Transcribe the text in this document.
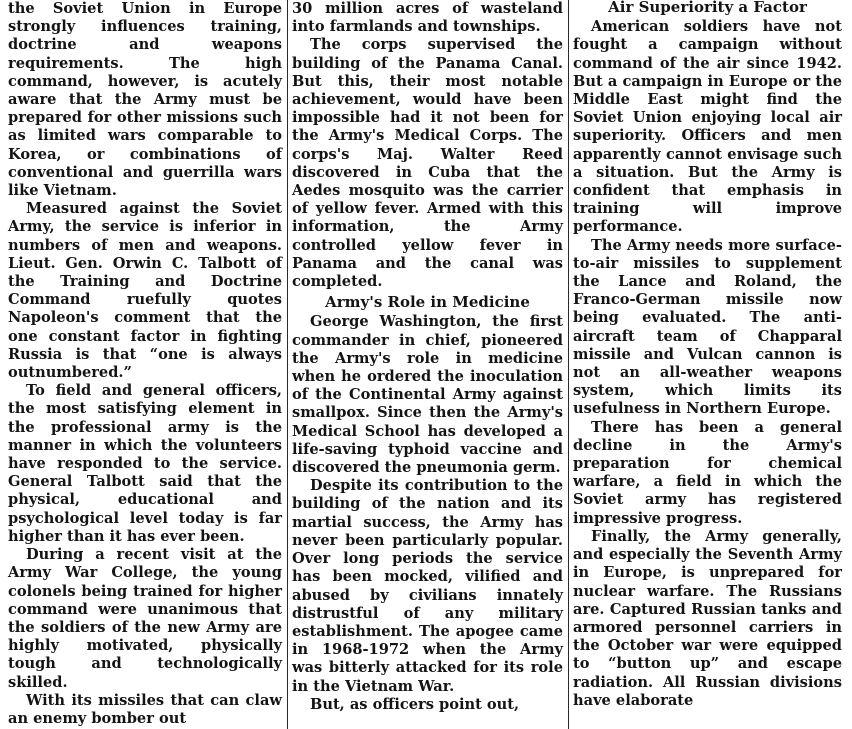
the Soviet Union in Europe strongly influences training, doctrine and weapons requirements. The high command, however, is acutely aware that the Army must be prepared for other missions such as limited wars comparable to Korea, or combinations of conventional and guerrilla wars like Vietnam.

Measured against the Soviet Army, the service is inferior in numbers of men and weapons. Lieut. Gen. Orwin C. Talbott of the Training and Doctrine Command ruefully quotes Napoleon's comment that the one constant factor in fighting Russia is that “one is always outnumbered.”

To field and general officers, the most satisfying element in the professional army is the manner in which the volunteers have responded to the service. General Talbott said that the physical, educational and psychological level today is far higher than it has ever been.

During a recent visit at the Army War College, the young colonels being trained for higher command were unanimous that the soldiers of the new Army are highly motivated, physically tough and technologically skilled.

With its missiles that can claw an enemy bomber out

30 million acres of wasteland into farmlands and townships.

The corps supervised the building of the Panama Canal. But this, their most notable achievement, would have been impossible had it not been for the Army's Medical Corps. The corps's Maj. Walter Reed discovered in Cuba that the Aedes mosquito was the carrier of yellow fever. Armed with this information, the Army controlled yellow fever in Panama and the canal was completed.

Army's Role in Medicine

George Washington, the first commander in chief, pioneered the Army's role in medicine when he ordered the inoculation of the Continental Army against smallpox. Since then the Army's Medical School has developed a life-saving typhoid vaccine and discovered the pneumonia germ.

Despite its contribution to the building of the nation and its martial success, the Army has never been particularly popular. Over long periods the service has been mocked, vilified and abused by civilians innately distrustful of any military establishment. The apogee came in 1968-1972 when the Army was bitterly attacked for its role in the Vietnam War.

But, as officers point out,

Air Superiority a Factor

American soldiers have not fought a campaign without command of the air since 1942. But a campaign in Europe or the Middle East might find the Soviet Union enjoying local air superiority. Officers and men apparently cannot envisage such a situation. But the Army is confident that emphasis in training will improve performance.

The Army needs more surface-to-air missiles to supplement the Lance and Roland, the Franco-German missile now being evaluated. The anti-aircraft team of Chapparal missile and Vulcan cannon is not an all-weather weapons system, which limits its usefulness in Northern Europe.

There has been a general decline in the Army's preparation for chemical warfare, a field in which the Soviet army has registered impressive progress.

Finally, the Army generally, and especially the Seventh Army in Europe, is unprepared for nuclear warfare. The Russians are. Captured Russian tanks and armored personnel carriers in the October war were equipped to “button up” and escape radiation. All Russian divisions have elaborate
